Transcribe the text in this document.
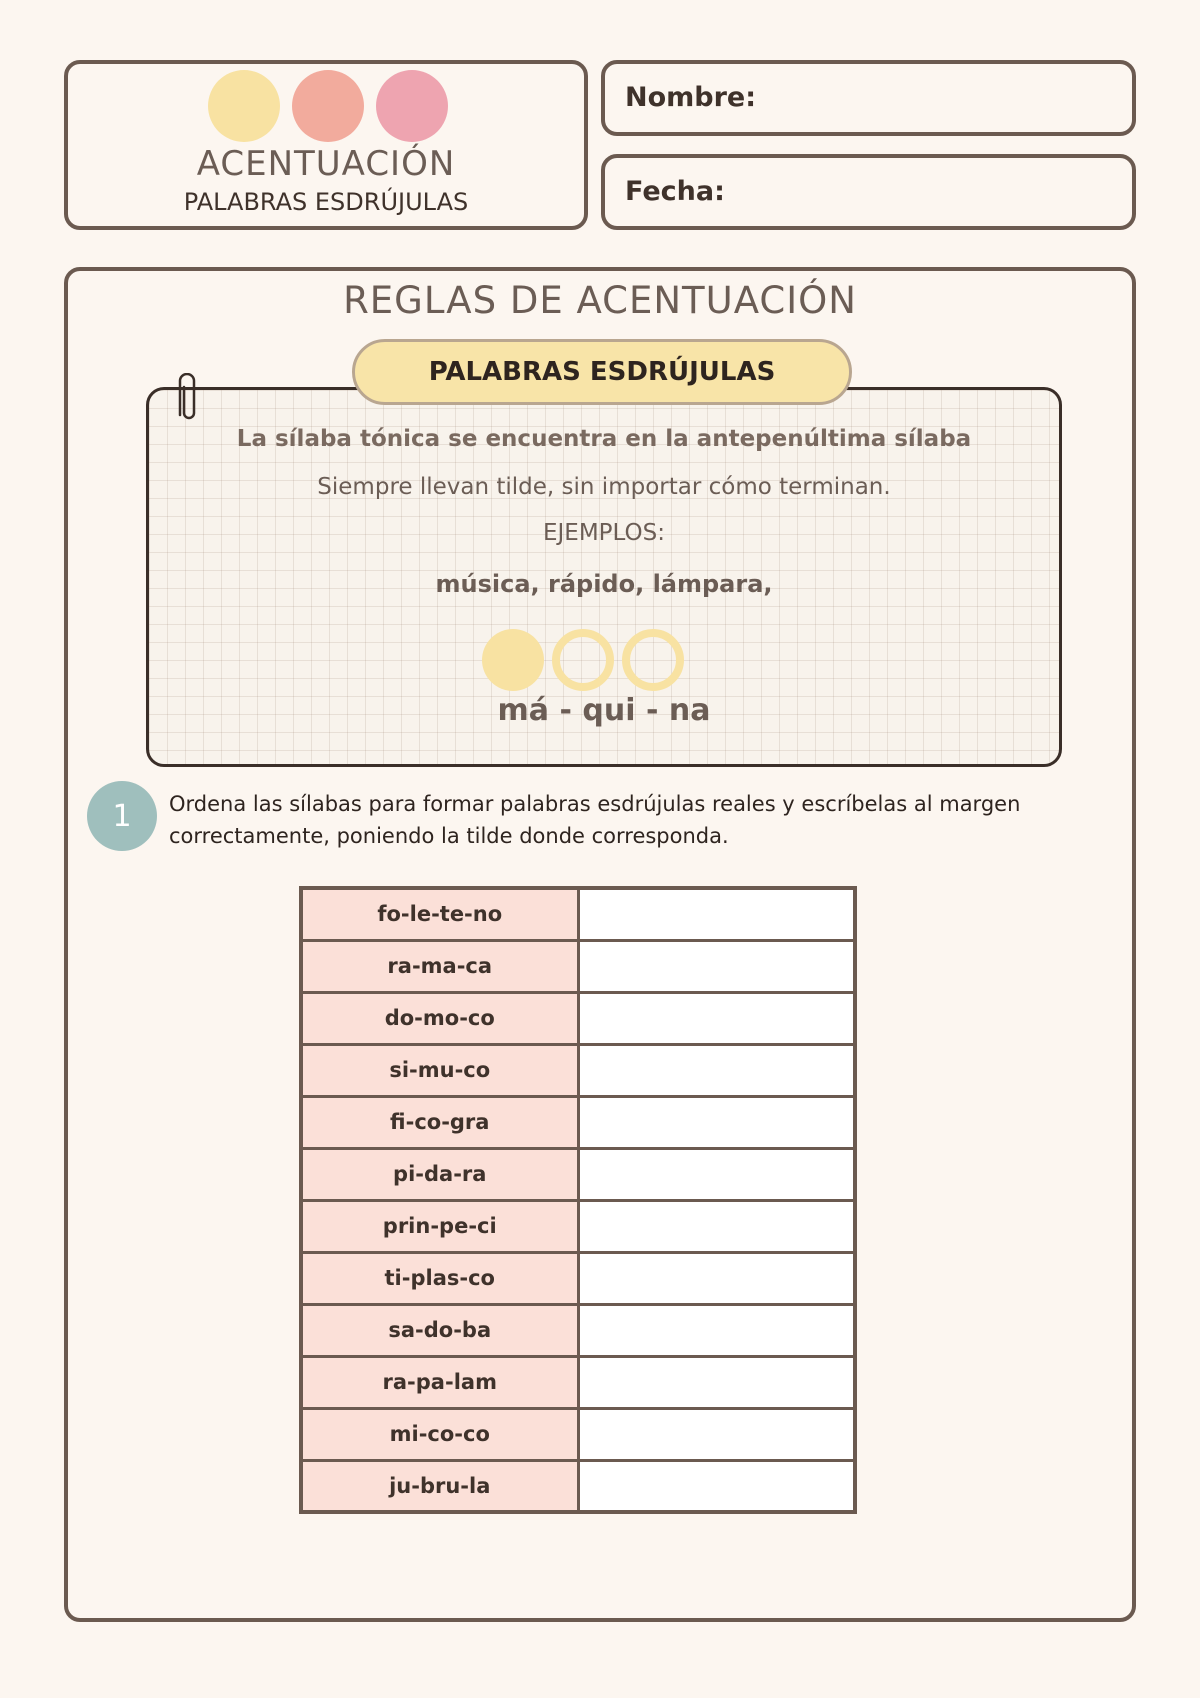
ACENTUACIÓN
PALABRAS ESDRÚJULAS
Nombre:
Fecha:
REGLAS DE ACENTUACIÓN
PALABRAS ESDRÚJULAS
La sílaba tónica se encuentra en la antepenúltima sílaba
Siempre llevan tilde, sin importar cómo terminan.
EJEMPLOS:
música, rápido, lámpara,
má - qui - na
1	Ordena las sílabas para formar palabras esdrújulas reales y escríbelas al margen correctamente, poniendo la tilde donde corresponda.
fo-le-te-no	
ra-ma-ca	
do-mo-co	
si-mu-co	
fi-co-gra	
pi-da-ra	
prin-pe-ci	
ti-plas-co	
sa-do-ba	
ra-pa-lam	
mi-co-co	
ju-bru-la	
